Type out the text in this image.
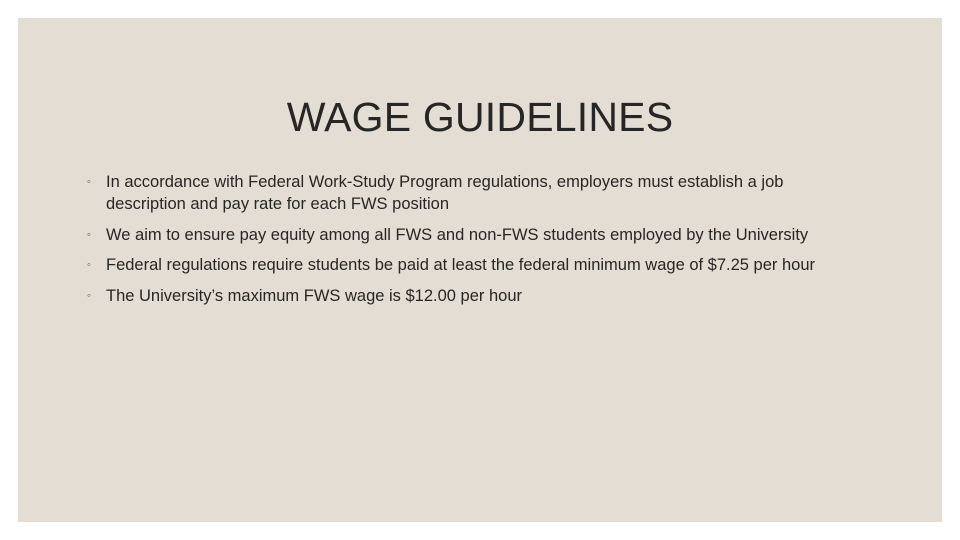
WAGE GUIDELINES
◦ In accordance with Federal Work-Study Program regulations, employers must establish a job description and pay rate for each FWS position
◦ We aim to ensure pay equity among all FWS and non-FWS students employed by the University
◦ Federal regulations require students be paid at least the federal minimum wage of $7.25 per hour
◦ The University’s maximum FWS wage is $12.00 per hour
